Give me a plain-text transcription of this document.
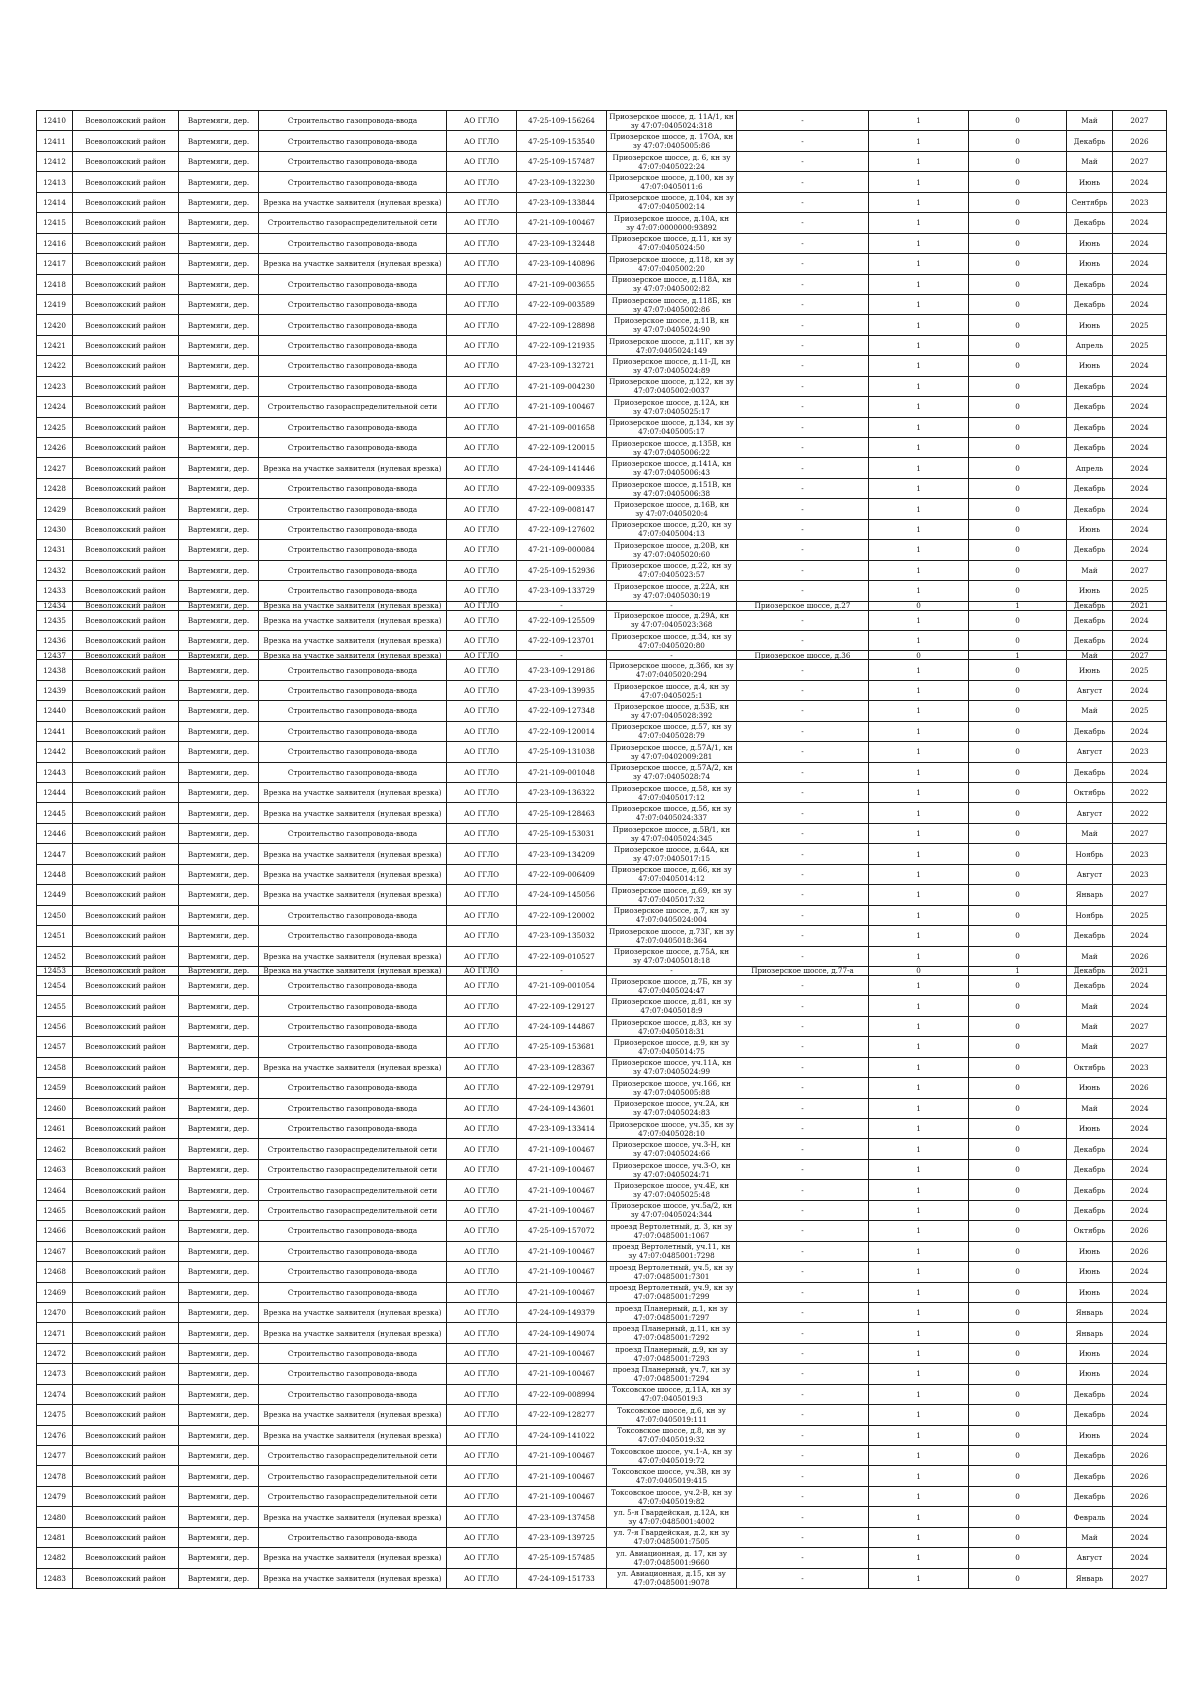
12410	Всеволожский район	Вартемяги, дер.	Строительство газопровода-ввода	АО ГГЛО	47-25-109-156264	Приозерское шоссе, д. 11А/1, кн зу 47:07:0405024:318	-	1	0	Май	2027
12411	Всеволожский район	Вартемяги, дер.	Строительство газопровода-ввода	АО ГГЛО	47-25-109-153540	Приозерское шоссе, д. 17ОА, кн зу 47:07:0405005:86	-	1	0	Декабрь	2026
12412	Всеволожский район	Вартемяги, дер.	Строительство газопровода-ввода	АО ГГЛО	47-25-109-157487	Приозерское шоссе, д. 6, кн зу 47:07:0405022:24	-	1	0	Май	2027
12413	Всеволожский район	Вартемяги, дер.	Строительство газопровода-ввода	АО ГГЛО	47-23-109-132230	Приозерское шоссе, д.100, кн зу 47:07:0405011:6	-	1	0	Июнь	2024
12414	Всеволожский район	Вартемяги, дер.	Врезка на участке заявителя (нулевая врезка)	АО ГГЛО	47-23-109-133844	Приозерское шоссе, д.104, кн зу 47:07:0405002:14	-	1	0	Сентябрь	2023
12415	Всеволожский район	Вартемяги, дер.	Строительство газораспределительной сети	АО ГГЛО	47-21-109-100467	Приозерское шоссе, д.10А, кн зу 47:07:0000000:93892	-	1	0	Декабрь	2024
12416	Всеволожский район	Вартемяги, дер.	Строительство газопровода-ввода	АО ГГЛО	47-23-109-132448	Приозерское шоссе, д.11, кн зу 47:07:0405024:50	-	1	0	Июнь	2024
12417	Всеволожский район	Вартемяги, дер.	Врезка на участке заявителя (нулевая врезка)	АО ГГЛО	47-23-109-140896	Приозерское шоссе, д.118, кн зу 47:07:0405002:20	-	1	0	Июнь	2024
12418	Всеволожский район	Вартемяги, дер.	Строительство газопровода-ввода	АО ГГЛО	47-21-109-003655	Приозерское шоссе, д.118А, кн зу 47:07:0405002:82	-	1	0	Декабрь	2024
12419	Всеволожский район	Вартемяги, дер.	Строительство газопровода-ввода	АО ГГЛО	47-22-109-003589	Приозерское шоссе, д.118Б, кн зу 47:07:0405002:86	-	1	0	Декабрь	2024
12420	Всеволожский район	Вартемяги, дер.	Строительство газопровода-ввода	АО ГГЛО	47-22-109-128898	Приозерское шоссе, д.11В, кн зу 47:07:0405024:90	-	1	0	Июнь	2025
12421	Всеволожский район	Вартемяги, дер.	Строительство газопровода-ввода	АО ГГЛО	47-22-109-121935	Приозерское шоссе, д.11Г, кн зу 47:07:0405024:149	-	1	0	Апрель	2025
12422	Всеволожский район	Вартемяги, дер.	Строительство газопровода-ввода	АО ГГЛО	47-23-109-132721	Приозерское шоссе, д.11-Д, кн зу 47:07:0405024:89	-	1	0	Июнь	2024
12423	Всеволожский район	Вартемяги, дер.	Строительство газопровода-ввода	АО ГГЛО	47-21-109-004230	Приозерское шоссе, д.122, кн зу 47:07:0405002:0037	-	1	0	Декабрь	2024
12424	Всеволожский район	Вартемяги, дер.	Строительство газораспределительной сети	АО ГГЛО	47-21-109-100467	Приозерское шоссе, д.12А, кн зу 47:07:0405025:17	-	1	0	Декабрь	2024
12425	Всеволожский район	Вартемяги, дер.	Строительство газопровода-ввода	АО ГГЛО	47-21-109-001658	Приозерское шоссе, д.134, кн зу 47:07:0405005:17	-	1	0	Декабрь	2024
12426	Всеволожский район	Вартемяги, дер.	Строительство газопровода-ввода	АО ГГЛО	47-22-109-120015	Приозерское шоссе, д.135В, кн зу 47:07:0405006:22	-	1	0	Декабрь	2024
12427	Всеволожский район	Вартемяги, дер.	Врезка на участке заявителя (нулевая врезка)	АО ГГЛО	47-24-109-141446	Приозерское шоссе, д.141А, кн зу 47:07:0405006:43	-	1	0	Апрель	2024
12428	Всеволожский район	Вартемяги, дер.	Строительство газопровода-ввода	АО ГГЛО	47-22-109-009335	Приозерское шоссе, д.151В, кн зу 47:07:0405006:38	-	1	0	Декабрь	2024
12429	Всеволожский район	Вартемяги, дер.	Строительство газопровода-ввода	АО ГГЛО	47-22-109-008147	Приозерское шоссе, д.16В, кн зу 47:07:0405020:4	-	1	0	Декабрь	2024
12430	Всеволожский район	Вартемяги, дер.	Строительство газопровода-ввода	АО ГГЛО	47-22-109-127602	Приозерское шоссе, д.20, кн зу 47:07:0405004:13	-	1	0	Июнь	2024
12431	Всеволожский район	Вартемяги, дер.	Строительство газопровода-ввода	АО ГГЛО	47-21-109-000084	Приозерское шоссе, д.20В, кн зу 47:07:0405020:60	-	1	0	Декабрь	2024
12432	Всеволожский район	Вартемяги, дер.	Строительство газопровода-ввода	АО ГГЛО	47-25-109-152936	Приозерское шоссе, д.22, кн зу 47:07:0405023:57	-	1	0	Май	2027
12433	Всеволожский район	Вартемяги, дер.	Строительство газопровода-ввода	АО ГГЛО	47-23-109-133729	Приозерское шоссе, д.22А, кн зу 47:07:0405030:19	-	1	0	Июнь	2025
12434	Всеволожский район	Вартемяги, дер.	Врезка на участке заявителя (нулевая врезка)	АО ГГЛО	-	-	Приозерское шоссе, д.27	0	1	Декабрь	2021
12435	Всеволожский район	Вартемяги, дер.	Врезка на участке заявителя (нулевая врезка)	АО ГГЛО	47-22-109-125509	Приозерское шоссе, д.29А, кн зу 47:07:0405023:368	-	1	0	Декабрь	2024
12436	Всеволожский район	Вартемяги, дер.	Врезка на участке заявителя (нулевая врезка)	АО ГГЛО	47-22-109-123701	Приозерское шоссе, д.34, кн зу 47:07:0405020:80	-	1	0	Декабрь	2024
12437	Всеволожский район	Вартемяги, дер.	Врезка на участке заявителя (нулевая врезка)	АО ГГЛО	-	-	Приозерское шоссе, д.36	0	1	Май	2027
12438	Всеволожский район	Вартемяги, дер.	Строительство газопровода-ввода	АО ГГЛО	47-23-109-129186	Приозерское шоссе, д.36б, кн зу 47:07:0405020:294	-	1	0	Июнь	2025
12439	Всеволожский район	Вартемяги, дер.	Строительство газопровода-ввода	АО ГГЛО	47-23-109-139935	Приозерское шоссе, д.4, кн зу 47:07:0405025:1	-	1	0	Август	2024
12440	Всеволожский район	Вартемяги, дер.	Строительство газопровода-ввода	АО ГГЛО	47-22-109-127348	Приозерское шоссе, д.53Б, кн зу 47:07:0405028:392	-	1	0	Май	2025
12441	Всеволожский район	Вартемяги, дер.	Строительство газопровода-ввода	АО ГГЛО	47-22-109-120014	Приозерское шоссе, д.57, кн зу 47:07:0405028:79	-	1	0	Декабрь	2024
12442	Всеволожский район	Вартемяги, дер.	Строительство газопровода-ввода	АО ГГЛО	47-25-109-131038	Приозерское шоссе, д.57А/1, кн зу 47:07:0402009:281	-	1	0	Август	2023
12443	Всеволожский район	Вартемяги, дер.	Строительство газопровода-ввода	АО ГГЛО	47-21-109-001048	Приозерское шоссе, д.57А/2, кн зу 47:07:0405028:74	-	1	0	Декабрь	2024
12444	Всеволожский район	Вартемяги, дер.	Врезка на участке заявителя (нулевая врезка)	АО ГГЛО	47-23-109-136322	Приозерское шоссе, д.58, кн зу 47:07:0405017:12	-	1	0	Октябрь	2022
12445	Всеволожский район	Вартемяги, дер.	Врезка на участке заявителя (нулевая врезка)	АО ГГЛО	47-25-109-128463	Приозерское шоссе, д.5б, кн зу 47:07:0405024:337	-	1	0	Август	2022
12446	Всеволожский район	Вартемяги, дер.	Строительство газопровода-ввода	АО ГГЛО	47-25-109-153031	Приозерское шоссе, д.5В/1, кн зу 47:07:0405024:345	-	1	0	Май	2027
12447	Всеволожский район	Вартемяги, дер.	Врезка на участке заявителя (нулевая врезка)	АО ГГЛО	47-23-109-134209	Приозерское шоссе, д.64А, кн зу 47:07:0405017:15	-	1	0	Ноябрь	2023
12448	Всеволожский район	Вартемяги, дер.	Врезка на участке заявителя (нулевая врезка)	АО ГГЛО	47-22-109-006409	Приозерское шоссе, д.66, кн зу 47:07:0405014:12	-	1	0	Август	2023
12449	Всеволожский район	Вартемяги, дер.	Врезка на участке заявителя (нулевая врезка)	АО ГГЛО	47-24-109-145056	Приозерское шоссе, д.69, кн зу 47:07:0405017:32	-	1	0	Январь	2027
12450	Всеволожский район	Вартемяги, дер.	Строительство газопровода-ввода	АО ГГЛО	47-22-109-120002	Приозерское шоссе, д.7, кн зу 47:07:0405024:004	-	1	0	Ноябрь	2025
12451	Всеволожский район	Вартемяги, дер.	Строительство газопровода-ввода	АО ГГЛО	47-23-109-135032	Приозерское шоссе, д.73Г, кн зу 47:07:0405018:364	-	1	0	Декабрь	2024
12452	Всеволожский район	Вартемяги, дер.	Врезка на участке заявителя (нулевая врезка)	АО ГГЛО	47-22-109-010527	Приозерское шоссе, д.75А, кн зу 47:07:0405018:18	-	1	0	Май	2026
12453	Всеволожский район	Вартемяги, дер.	Врезка на участке заявителя (нулевая врезка)	АО ГГЛО	-	-	Приозерское шоссе, д.77-а	0	1	Декабрь	2021
12454	Всеволожский район	Вартемяги, дер.	Строительство газопровода-ввода	АО ГГЛО	47-21-109-001054	Приозерское шоссе, д.7Б, кн зу 47:07:0405024:47	-	1	0	Декабрь	2024
12455	Всеволожский район	Вартемяги, дер.	Строительство газопровода-ввода	АО ГГЛО	47-22-109-129127	Приозерское шоссе, д.81, кн зу 47:07:0405018:9	-	1	0	Май	2024
12456	Всеволожский район	Вартемяги, дер.	Строительство газопровода-ввода	АО ГГЛО	47-24-109-144867	Приозерское шоссе, д.83, кн зу 47:07:0405018:31	-	1	0	Май	2027
12457	Всеволожский район	Вартемяги, дер.	Строительство газопровода-ввода	АО ГГЛО	47-25-109-153681	Приозерское шоссе, д.9, кн зу 47:07:0405014:75	-	1	0	Май	2027
12458	Всеволожский район	Вартемяги, дер.	Врезка на участке заявителя (нулевая врезка)	АО ГГЛО	47-23-109-128367	Приозерское шоссе, уч.11А, кн зу 47:07:0405024:99	-	1	0	Октябрь	2023
12459	Всеволожский район	Вартемяги, дер.	Строительство газопровода-ввода	АО ГГЛО	47-22-109-129791	Приозерское шоссе, уч.166, кн зу 47:07:0405005:88	-	1	0	Июнь	2026
12460	Всеволожский район	Вартемяги, дер.	Строительство газопровода-ввода	АО ГГЛО	47-24-109-143601	Приозерское шоссе, уч.2А, кн зу 47:07:0405024:83	-	1	0	Май	2024
12461	Всеволожский район	Вартемяги, дер.	Строительство газопровода-ввода	АО ГГЛО	47-23-109-133414	Приозерское шоссе, уч.35, кн зу 47:07:0405028:10	-	1	0	Июнь	2024
12462	Всеволожский район	Вартемяги, дер.	Строительство газораспределительной сети	АО ГГЛО	47-21-109-100467	Приозерское шоссе, уч.3-Н, кн зу 47:07:0405024:66	-	1	0	Декабрь	2024
12463	Всеволожский район	Вартемяги, дер.	Строительство газораспределительной сети	АО ГГЛО	47-21-109-100467	Приозерское шоссе, уч.3-О, кн зу 47:07:0405024:71	-	1	0	Декабрь	2024
12464	Всеволожский район	Вартемяги, дер.	Строительство газораспределительной сети	АО ГГЛО	47-21-109-100467	Приозерское шоссе, уч.4Е, кн зу 47:07:0405025:48	-	1	0	Декабрь	2024
12465	Всеволожский район	Вартемяги, дер.	Строительство газораспределительной сети	АО ГГЛО	47-21-109-100467	Приозерское шоссе, уч.5а/2, кн зу 47:07:0405024:344	-	1	0	Декабрь	2024
12466	Всеволожский район	Вартемяги, дер.	Строительство газопровода-ввода	АО ГГЛО	47-25-109-157072	проезд Вертолетный, д. 3, кн зу 47:07:0485001:1067	-	1	0	Октябрь	2026
12467	Всеволожский район	Вартемяги, дер.	Строительство газопровода-ввода	АО ГГЛО	47-21-109-100467	проезд Вертолетный, уч.11, кн зу 47:07:0485001:7298	-	1	0	Июнь	2026
12468	Всеволожский район	Вартемяги, дер.	Строительство газопровода-ввода	АО ГГЛО	47-21-109-100467	проезд Вертолетный, уч.5, кн зу 47:07:0485001:7301	-	1	0	Июнь	2024
12469	Всеволожский район	Вартемяги, дер.	Строительство газопровода-ввода	АО ГГЛО	47-21-109-100467	проезд Вертолетный, уч.9, кн зу 47:07:0485001:7299	-	1	0	Июнь	2024
12470	Всеволожский район	Вартемяги, дер.	Врезка на участке заявителя (нулевая врезка)	АО ГГЛО	47-24-109-149379	проезд Планерный, д.1, кн зу 47:07:0485001:7297	-	1	0	Январь	2024
12471	Всеволожский район	Вартемяги, дер.	Врезка на участке заявителя (нулевая врезка)	АО ГГЛО	47-24-109-149074	проезд Планерный, д.11, кн зу 47:07:0485001:7292	-	1	0	Январь	2024
12472	Всеволожский район	Вартемяги, дер.	Строительство газопровода-ввода	АО ГГЛО	47-21-109-100467	проезд Планерный, д.9, кн зу 47:07:0485001:7293	-	1	0	Июнь	2024
12473	Всеволожский район	Вартемяги, дер.	Строительство газопровода-ввода	АО ГГЛО	47-21-109-100467	проезд Планерный, уч.7, кн зу 47:07:0485001:7294	-	1	0	Июнь	2024
12474	Всеволожский район	Вартемяги, дер.	Строительство газопровода-ввода	АО ГГЛО	47-22-109-008994	Токсовское шоссе, д.11А, кн зу 47:07:0405019:3	-	1	0	Декабрь	2024
12475	Всеволожский район	Вартемяги, дер.	Врезка на участке заявителя (нулевая врезка)	АО ГГЛО	47-22-109-128277	Токсовское шоссе, д.6, кн зу 47:07:0405019:111	-	1	0	Декабрь	2024
12476	Всеволожский район	Вартемяги, дер.	Врезка на участке заявителя (нулевая врезка)	АО ГГЛО	47-24-109-141022	Токсовское шоссе, д.8, кн зу 47:07:0405019:32	-	1	0	Июнь	2024
12477	Всеволожский район	Вартемяги, дер.	Строительство газораспределительной сети	АО ГГЛО	47-21-109-100467	Токсовское шоссе, уч.1-А, кн зу 47:07:0405019:72	-	1	0	Декабрь	2026
12478	Всеволожский район	Вартемяги, дер.	Строительство газораспределительной сети	АО ГГЛО	47-21-109-100467	Токсовское шоссе, уч.3В, кн зу 47:07:0405019:415	-	1	0	Декабрь	2026
12479	Всеволожский район	Вартемяги, дер.	Строительство газораспределительной сети	АО ГГЛО	47-21-109-100467	Токсовское шоссе, уч.2-В, кн зу 47:07:0405019:82	-	1	0	Декабрь	2026
12480	Всеволожский район	Вартемяги, дер.	Врезка на участке заявителя (нулевая врезка)	АО ГГЛО	47-23-109-137458	ул. 5-я Гвардейская, д.12А, кн зу 47:07:0485001:4002	-	1	0	Февраль	2024
12481	Всеволожский район	Вартемяги, дер.	Строительство газопровода-ввода	АО ГГЛО	47-23-109-139725	ул. 7-я Гвардейская, д.2, кн зу 47:07:0485001:7505	-	1	0	Май	2024
12482	Всеволожский район	Вартемяги, дер.	Врезка на участке заявителя (нулевая врезка)	АО ГГЛО	47-25-109-157485	ул. Авиационная, д. 17, кн зу 47:07:0485001:9660	-	1	0	Август	2024
12483	Всеволожский район	Вартемяги, дер.	Врезка на участке заявителя (нулевая врезка)	АО ГГЛО	47-24-109-151733	ул. Авиационная, д.15, кн зу 47:07:0485001:9078	-	1	0	Январь	2027
